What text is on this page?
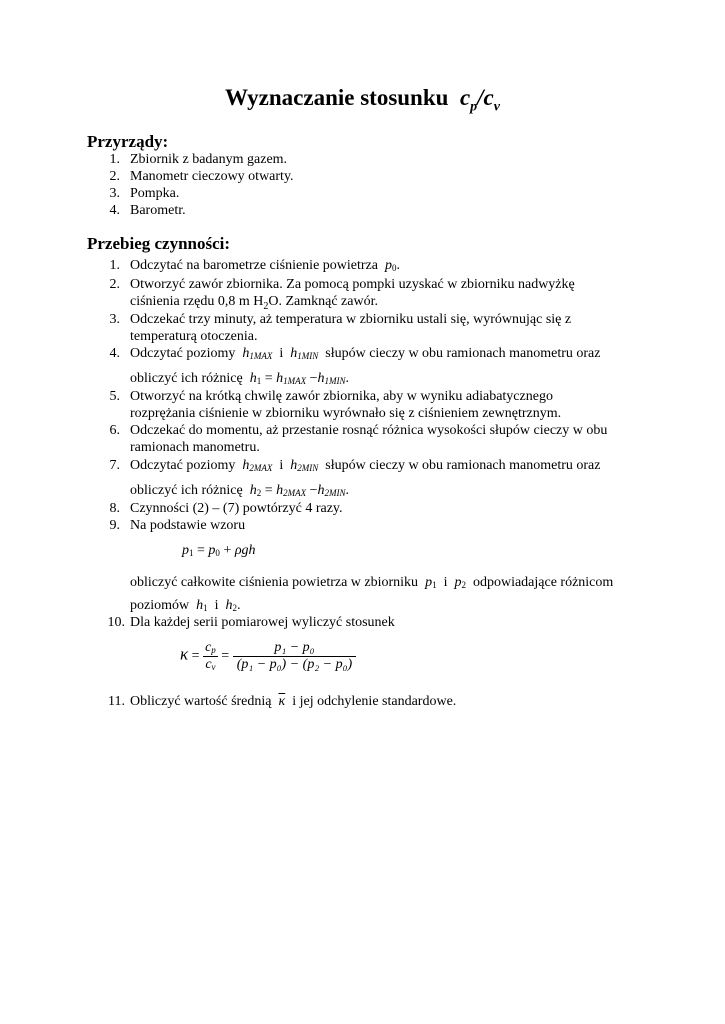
Wyznaczanie stosunku $c_p/c_v$
Przyrządy:
1. Zbiornik z badanym gazem.
2. Manometr cieczowy otwarty.
3. Pompka.
4. Barometr.
Przebieg czynności:
1. Odczytać na barometrze ciśnienie powietrza p0.
2. Otworzyć zawór zbiornika. Za pomocą pompki uzyskać w zbiorniku nadwyżkę
ciśnienia rzędu 0,8 m $H_2O$. Zamknąć zawór.
3. Odczekać trzy minuty, aż temperatura w zbiorniku ustali się, wyrównując się z
temperaturą otoczenia.
4. Odczytać poziomy h1MAX i h1MIN słupów cieczy w obu ramionach manometru oraz
obliczyć ich różnicę h1 = h1MAX −h1MIN.
5. Otworzyć na krótką chwilę zawór zbiornika, aby w wyniku adiabatycznego
rozprężania ciśnienie w zbiorniku wyrównało się z ciśnieniem zewnętrznym.
6. Odczekać do momentu, aż przestanie rosnąć różnica wysokości słupów cieczy w obu
ramionach manometru.
7. Odczytać poziomy h2MAX i h2MIN słupów cieczy w obu ramionach manometru oraz
obliczyć ich różnicę h2 = h2MAX −h2MIN.
8. Czynności (2) – (7) powtórzyć 4 razy.
9. Na podstawie wzoru
p1 = p0 + ρgh
obliczyć całkowite ciśnienia powietrza w zbiorniku p1 i p2 odpowiadające różnicom
poziomów h1 i h2.
10. Dla każdej serii pomiarowej wyliczyć stosunek
$\kappa = \frac{cp}{cv} = \frac{\text{p₁ − p₀}}{\text{(p₁ − p₀) − (p₂ − p₀)}}$
11. Obliczyć wartość średnią $\overline{\kappa}$ i jej odchylenie standardowe.
